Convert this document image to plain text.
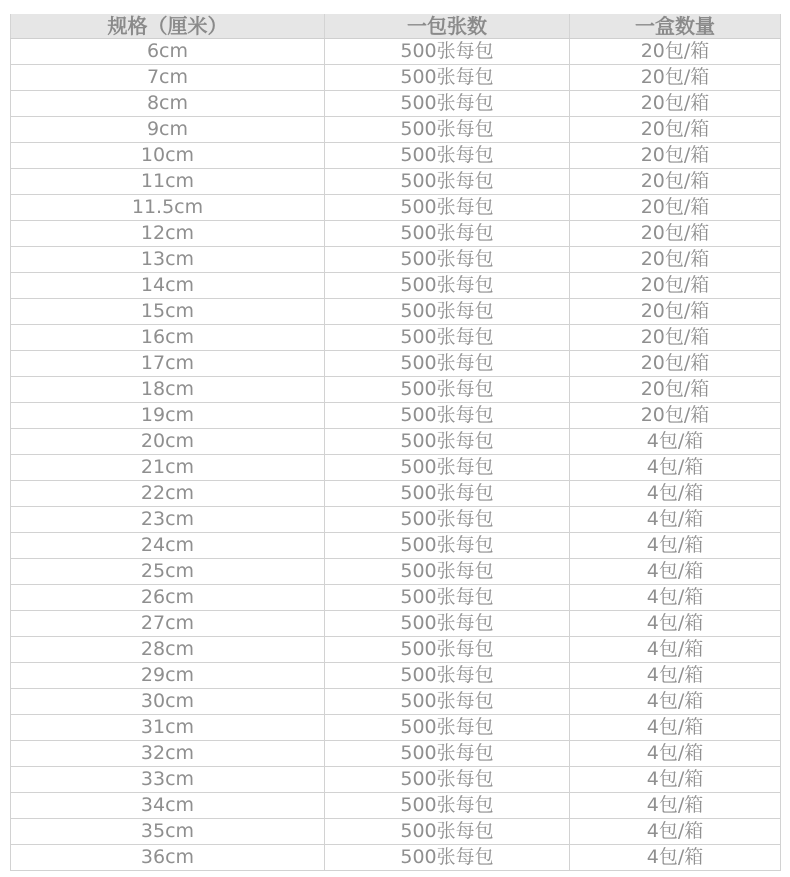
规格（厘米）	一包张数	一盒数量
6cm	500张每包	20包/箱
7cm	500张每包	20包/箱
8cm	500张每包	20包/箱
9cm	500张每包	20包/箱
10cm	500张每包	20包/箱
11cm	500张每包	20包/箱
11.5cm	500张每包	20包/箱
12cm	500张每包	20包/箱
13cm	500张每包	20包/箱
14cm	500张每包	20包/箱
15cm	500张每包	20包/箱
16cm	500张每包	20包/箱
17cm	500张每包	20包/箱
18cm	500张每包	20包/箱
19cm	500张每包	20包/箱
20cm	500张每包	4包/箱
21cm	500张每包	4包/箱
22cm	500张每包	4包/箱
23cm	500张每包	4包/箱
24cm	500张每包	4包/箱
25cm	500张每包	4包/箱
26cm	500张每包	4包/箱
27cm	500张每包	4包/箱
28cm	500张每包	4包/箱
29cm	500张每包	4包/箱
30cm	500张每包	4包/箱
31cm	500张每包	4包/箱
32cm	500张每包	4包/箱
33cm	500张每包	4包/箱
34cm	500张每包	4包/箱
35cm	500张每包	4包/箱
36cm	500张每包	4包/箱
